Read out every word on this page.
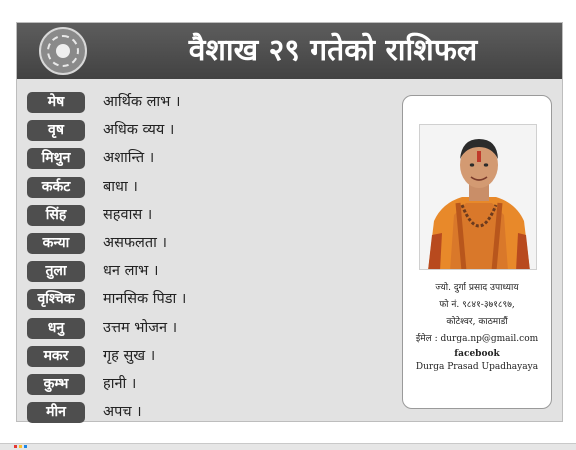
वैशाख २९ गतेको राशिफल
मेष	आर्थिक लाभ ।
वृष	अधिक व्यय ।
मिथुन	अशान्ति ।
कर्कट	बाधा ।
सिंह	सहवास ।
कन्या	असफलता ।
तुला	धन लाभ ।
वृश्चिक	मानसिक पिडा ।
धनु	उत्तम भोजन ।
मकर	गृह सुख ।
कुम्भ	हानी ।
मीन	अपच ।
ज्यो. दुर्गा प्रसाद उपाध्याय
फो नं. ९८४१-३७१८९७,
कोटेश्वर, काठमाडौं
ईमेल : durga.np@gmail.com
facebook
Durga Prasad Upadhayaya
